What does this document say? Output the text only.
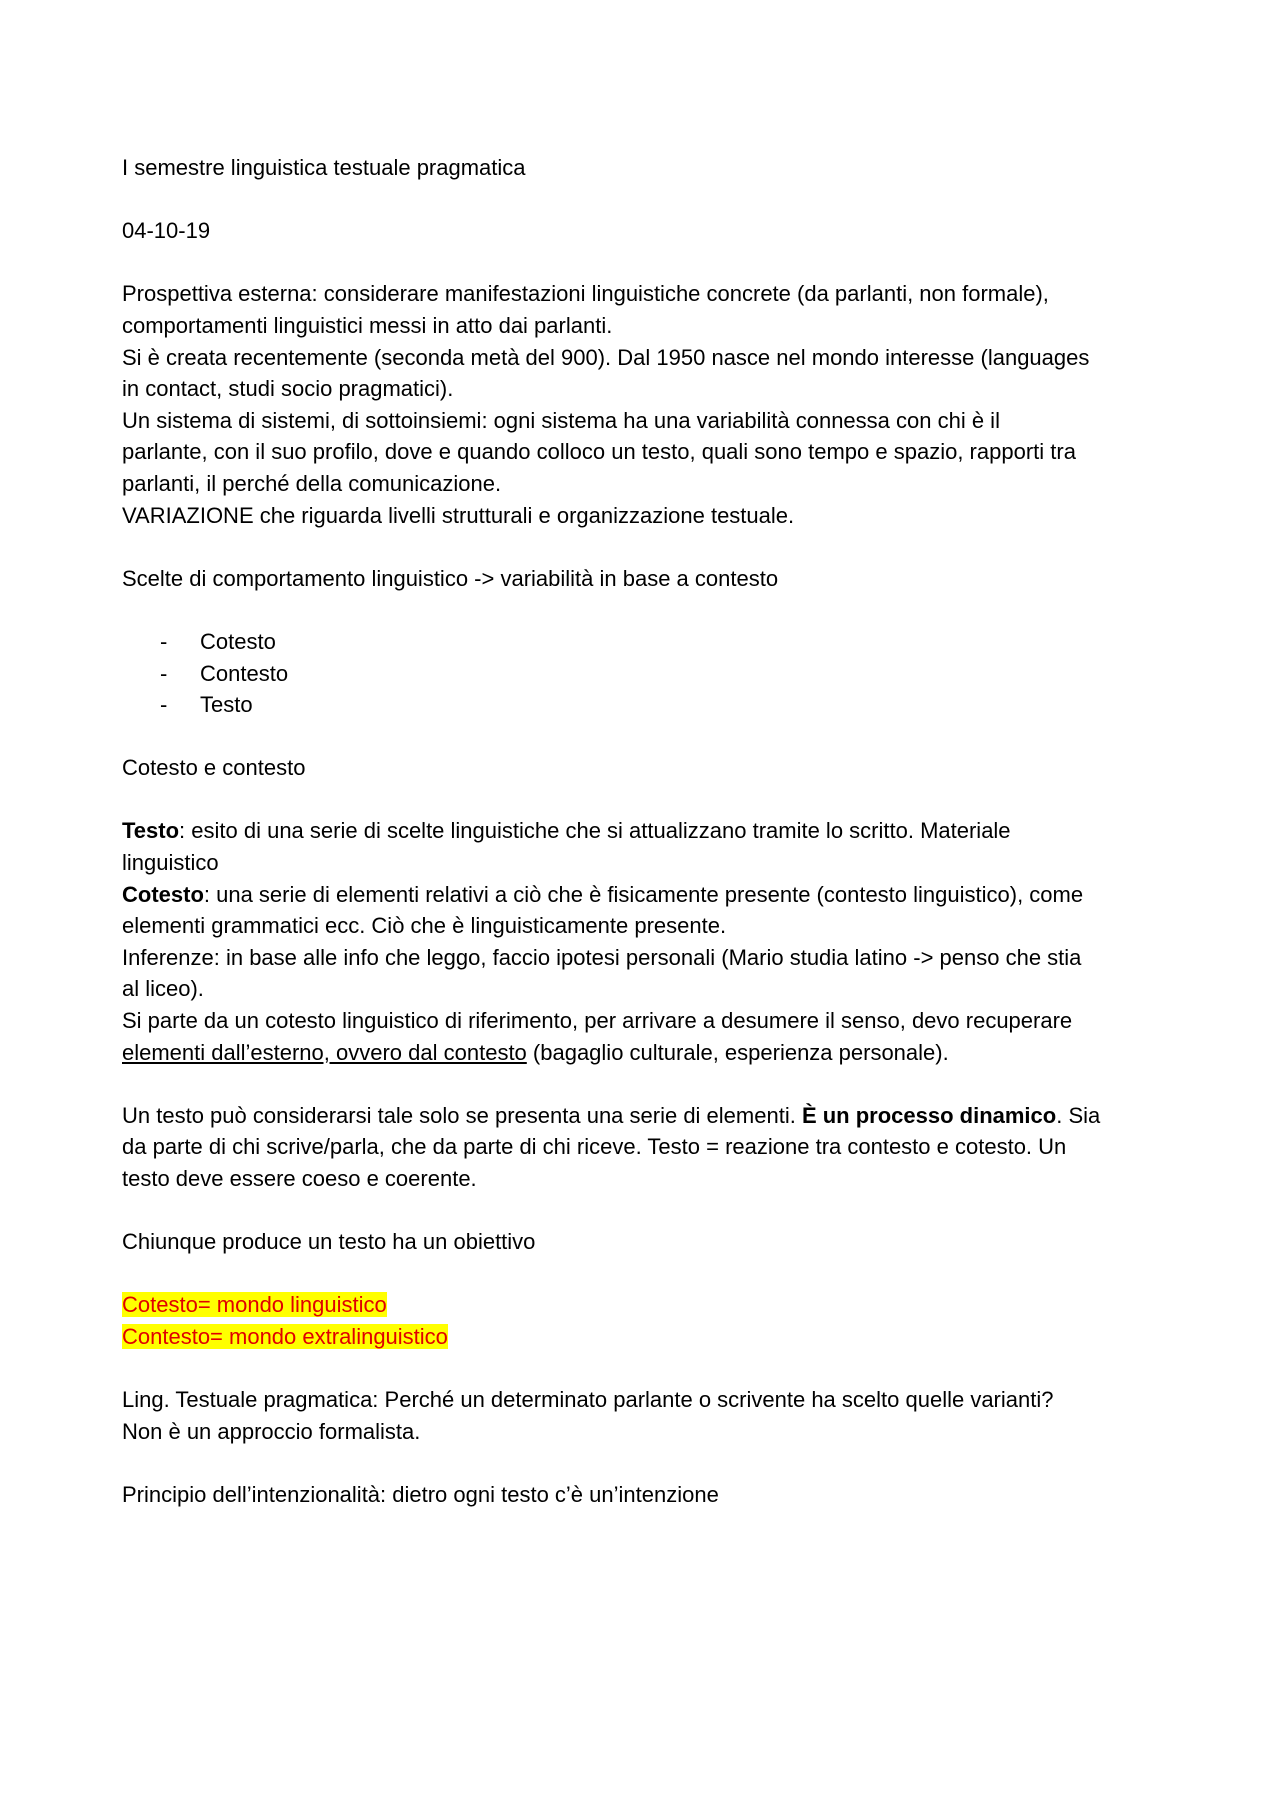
I semestre linguistica testuale pragmatica

04-10-19

Prospettiva esterna: considerare manifestazioni linguistiche concrete (da parlanti, non formale),

comportamenti linguistici messi in atto dai parlanti.

Si è creata recentemente (seconda metà del 900). Dal 1950 nasce nel mondo interesse (languages

in contact, studi socio pragmatici).

Un sistema di sistemi, di sottoinsiemi: ogni sistema ha una variabilità connessa con chi è il

parlante, con il suo profilo, dove e quando colloco un testo, quali sono tempo e spazio, rapporti tra

parlanti, il perché della comunicazione.

VARIAZIONE che riguarda livelli strutturali e organizzazione testuale.

Scelte di comportamento linguistico -> variabilità in base a contesto

- Cotesto
- Contesto
- Testo

Cotesto e contesto

Testo: esito di una serie di scelte linguistiche che si attualizzano tramite lo scritto. Materiale

linguistico

Cotesto: una serie di elementi relativi a ciò che è fisicamente presente (contesto linguistico), come

elementi grammatici ecc. Ciò che è linguisticamente presente.

Inferenze: in base alle info che leggo, faccio ipotesi personali (Mario studia latino -> penso che stia

al liceo).

Si parte da un cotesto linguistico di riferimento, per arrivare a desumere il senso, devo recuperare

elementi dall’esterno, ovvero dal contesto (bagaglio culturale, esperienza personale).

Un testo può considerarsi tale solo se presenta una serie di elementi. È un processo dinamico. Sia

da parte di chi scrive/parla, che da parte di chi riceve. Testo = reazione tra contesto e cotesto. Un

testo deve essere coeso e coerente.

Chiunque produce un testo ha un obiettivo

Cotesto= mondo linguistico

Contesto= mondo extralinguistico

Ling. Testuale pragmatica: Perché un determinato parlante o scrivente ha scelto quelle varianti?

Non è un approccio formalista.

Principio dell’intenzionalità: dietro ogni testo c’è un’intenzione
